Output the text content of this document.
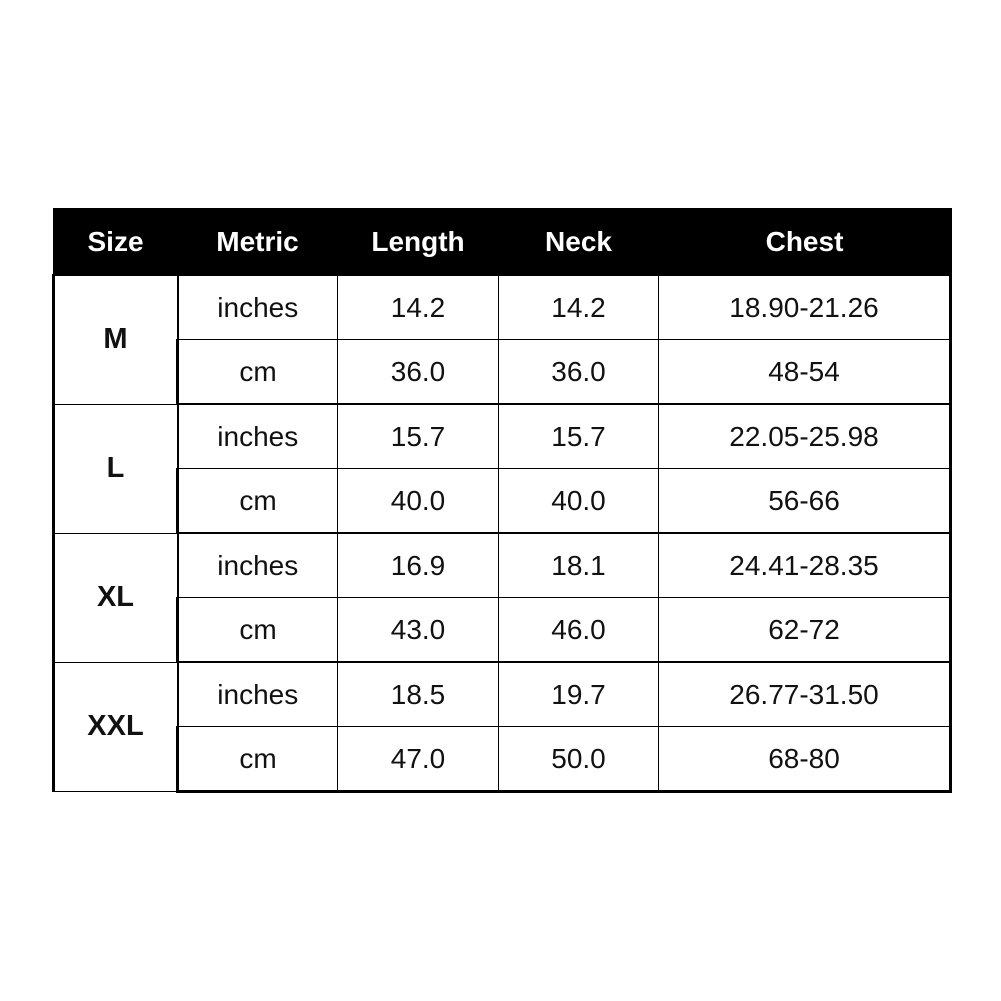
Size	Metric	Length	Neck	Chest
M	inches	14.2	14.2	18.90-21.26
	cm	36.0	36.0	48-54
L	inches	15.7	15.7	22.05-25.98
	cm	40.0	40.0	56-66
XL	inches	16.9	18.1	24.41-28.35
	cm	43.0	46.0	62-72
XXL	inches	18.5	19.7	26.77-31.50
	cm	47.0	50.0	68-80
